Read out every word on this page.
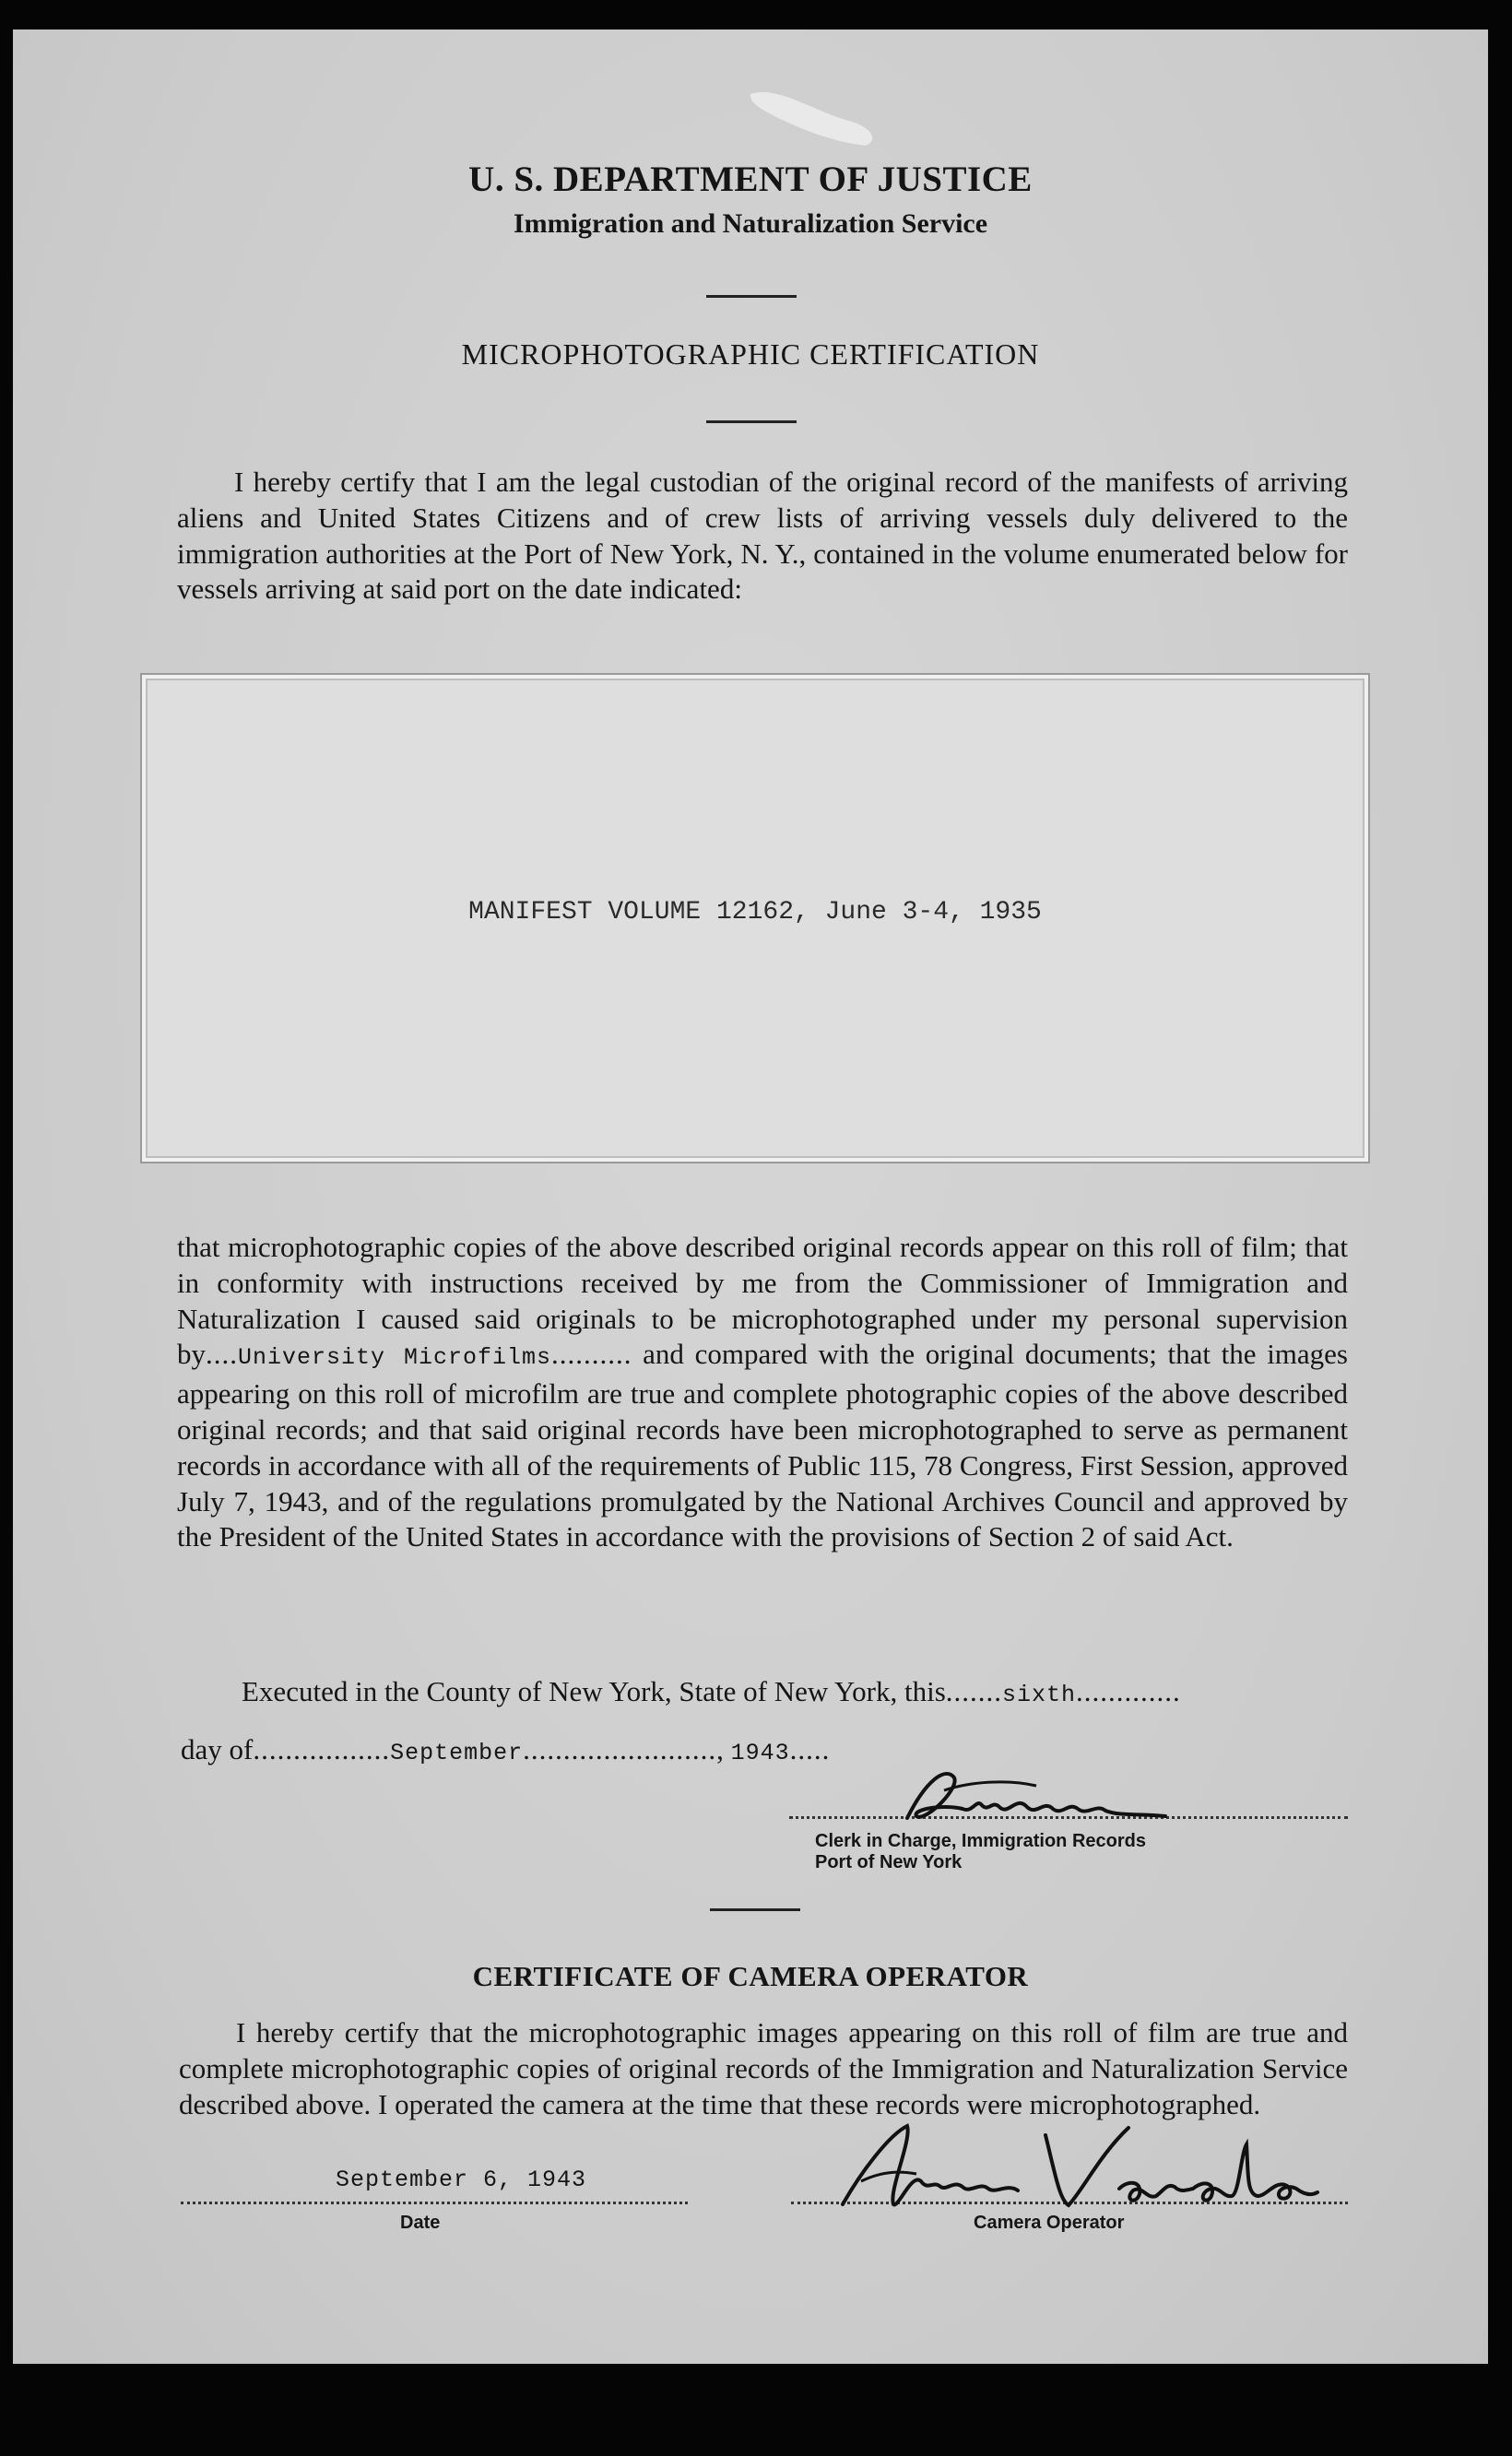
U. S. DEPARTMENT OF JUSTICE
Immigration and Naturalization Service
MICROPHOTOGRAPHIC CERTIFICATION

I hereby certify that I am the legal custodian of the original record of the manifests of arriving aliens and United States Citizens and of crew lists of arriving vessels duly delivered to the immigration authorities at the Port of New York, N. Y., contained in the volume enumerated below for vessels arriving at said port on the date indicated:

MANIFEST VOLUME 12162, June 3-4, 1935

that microphotographic copies of the above described original records appear on this roll of film; that in conformity with instructions received by me from the Commissioner of Immigration and Naturalization I caused said originals to be microphotographed under my personal supervision by....University Microfilms.......... and compared with the original documents; that the images appearing on this roll of microfilm are true and complete photographic copies of the above described original records; and that said original records have been microphotographed to serve as permanent records in accordance with all of the requirements of Public 115, 78 Congress, First Session, approved July 7, 1943, and of the regulations promulgated by the National Archives Council and approved by the President of the United States in accordance with the provisions of Section 2 of said Act.

Executed in the County of New York, State of New York, this.......sixth.............
day of.................September........................, 1943.....
Clerk in Charge, Immigration Records
Port of New York
CERTIFICATE OF CAMERA OPERATOR

I hereby certify that the microphotographic images appearing on this roll of film are true and complete microphotographic copies of original records of the Immigration and Naturalization Service described above. I operated the camera at the time that these records were microphotographed.

September 6, 1943
Date	Camera Operator
